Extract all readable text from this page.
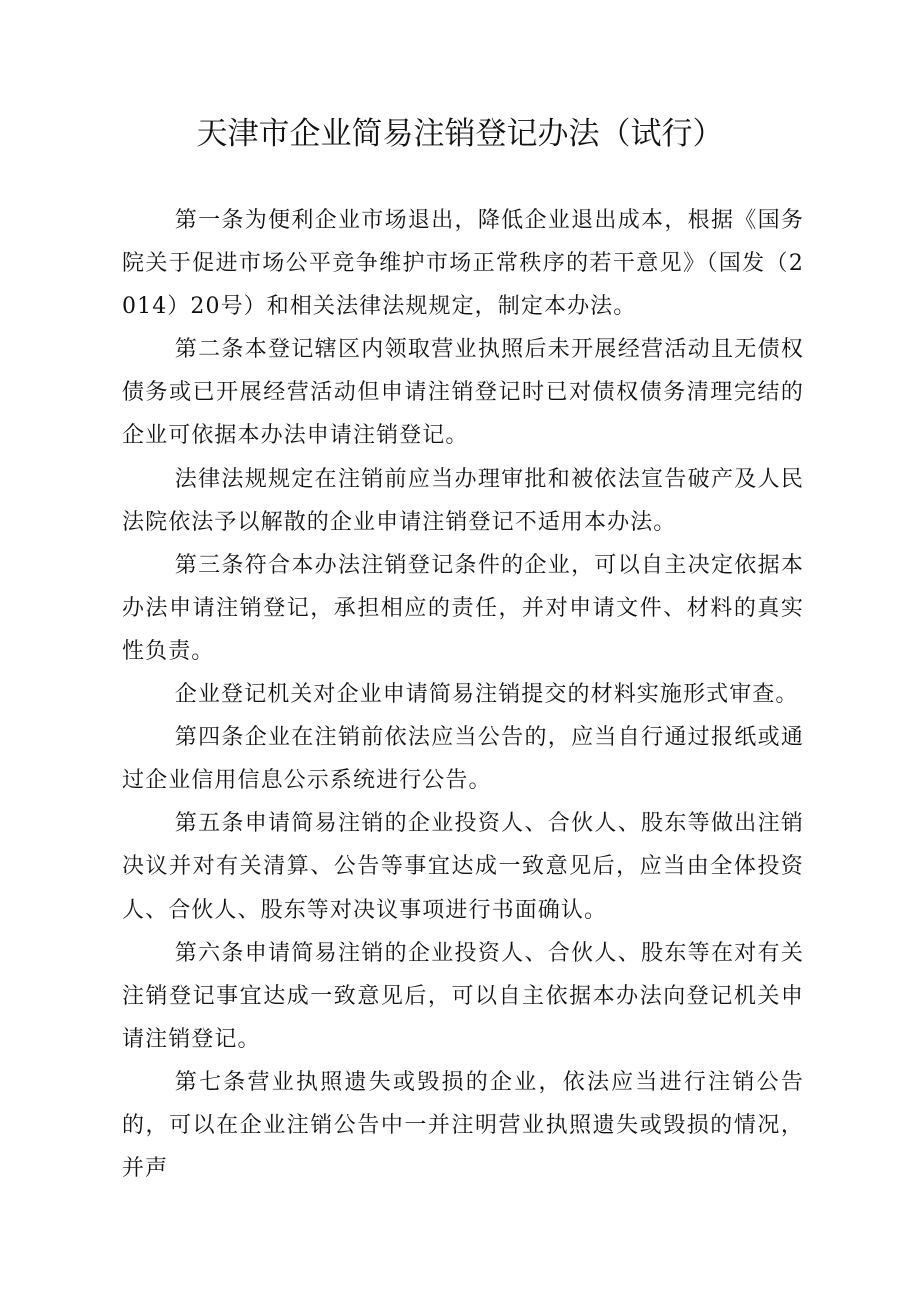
天津市企业简易注销登记办法（试行）

第一条为便利企业市场退出，降低企业退出成本，根据《国务院关于促进市场公平竞争维护市场正常秩序的若干意见》（国发（2014）20号）和相关法律法规规定，制定本办法。

第二条本登记辖区内领取营业执照后未开展经营活动且无债权债务或已开展经营活动但申请注销登记时已对债权债务清理完结的企业可依据本办法申请注销登记。

法律法规规定在注销前应当办理审批和被依法宣告破产及人民法院依法予以解散的企业申请注销登记不适用本办法。

第三条符合本办法注销登记条件的企业，可以自主决定依据本办法申请注销登记，承担相应的责任，并对申请文件、材料的真实性负责。

企业登记机关对企业申请简易注销提交的材料实施形式审查。

第四条企业在注销前依法应当公告的，应当自行通过报纸或通过企业信用信息公示系统进行公告。

第五条申请简易注销的企业投资人、合伙人、股东等做出注销决议并对有关清算、公告等事宜达成一致意见后，应当由全体投资人、合伙人、股东等对决议事项进行书面确认。

第六条申请简易注销的企业投资人、合伙人、股东等在对有关注销登记事宜达成一致意见后，可以自主依据本办法向登记机关申请注销登记。

第七条营业执照遗失或毁损的企业，依法应当进行注销公告的，可以在企业注销公告中一并注明营业执照遗失或毁损的情况，并声
